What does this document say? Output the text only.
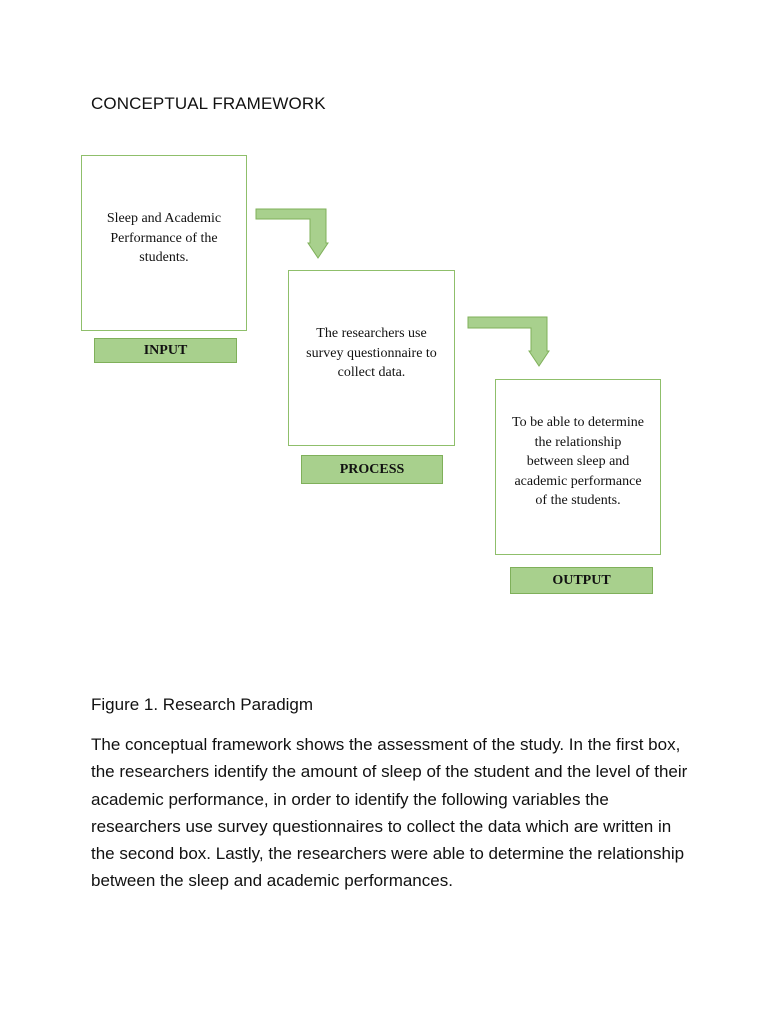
CONCEPTUAL FRAMEWORK
Sleep and Academic
Performance of the
students.
INPUT
The researchers use
survey questionnaire to
collect data.
PROCESS
To be able to determine
the relationship
between sleep and
academic performance
of the students.
OUTPUT
Figure 1. Research Paradigm
The conceptual framework shows the assessment of the study. In the first box, the researchers identify the amount of sleep of the student and the level of their academic performance, in order to identify the following variables the researchers use survey questionnaires to collect the data which are written in the second box. Lastly, the researchers were able to determine the relationship between the sleep and academic performances.
